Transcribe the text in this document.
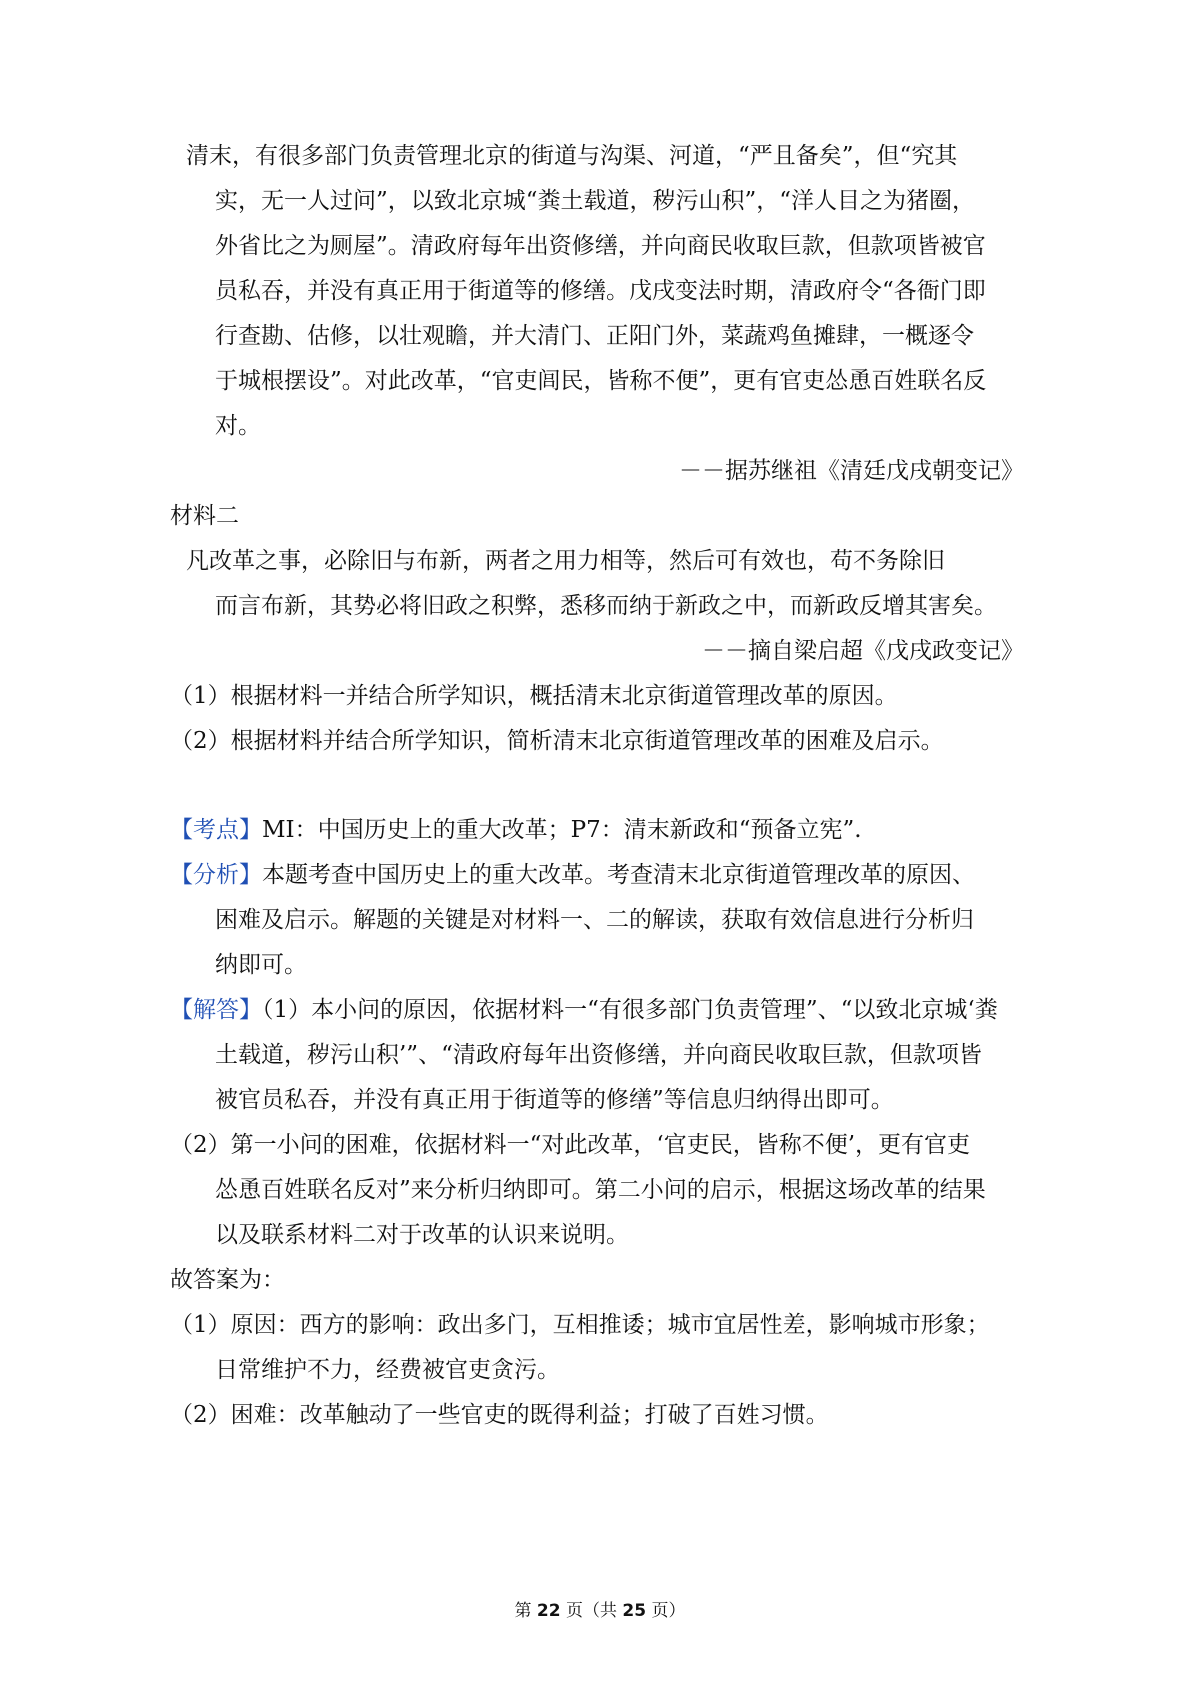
清末，有很多部门负责管理北京的街道与沟渠、河道，“严且备矣”，但“究其
实，无一人过问”，以致北京城“粪土载道，秽污山积”，“洋人目之为猪圈，
外省比之为厕屋”。清政府每年出资修缮，并向商民收取巨款，但款项皆被官
员私吞，并没有真正用于街道等的修缮。戊戌变法时期，清政府令“各衙门即
行查勘、估修，以壮观瞻，并大清门、正阳门外，菜蔬鸡鱼摊肆，一概逐令
于城根摆设”。对此改革，“官吏闾民，皆称不便”，更有官吏怂恿百姓联名反
对。
－－据苏继祖《清廷戊戌朝变记》
材料二
凡改革之事，必除旧与布新，两者之用力相等，然后可有效也，苟不务除旧
而言布新，其势必将旧政之积弊，悉移而纳于新政之中，而新政反增其害矣。
－－摘自梁启超《戊戌政变记》
（1）根据材料一并结合所学知识，概括清末北京街道管理改革的原因。
（2）根据材料并结合所学知识，简析清末北京街道管理改革的困难及启示。
【考点】MI：中国历史上的重大改革；P7：清末新政和“预备立宪”.
【分析】本题考查中国历史上的重大改革。考查清末北京街道管理改革的原因、
困难及启示。解题的关键是对材料一、二的解读，获取有效信息进行分析归
纳即可。
【解答】（1）本小问的原因，依据材料一“有很多部门负责管理”、“以致北京城‘粪
土载道，秽污山积’”、“清政府每年出资修缮，并向商民收取巨款，但款项皆
被官员私吞，并没有真正用于街道等的修缮”等信息归纳得出即可。
（2）第一小问的困难，依据材料一“对此改革，‘官吏民，皆称不便’，更有官吏
怂恿百姓联名反对”来分析归纳即可。第二小问的启示，根据这场改革的结果
以及联系材料二对于改革的认识来说明。
故答案为：
（1）原因：西方的影响：政出多门，互相推诿；城市宜居性差，影响城市形象；
日常维护不力，经费被官吏贪污。
（2）困难：改革触动了一些官吏的既得利益；打破了百姓习惯。
第 22 页（共 25 页）
